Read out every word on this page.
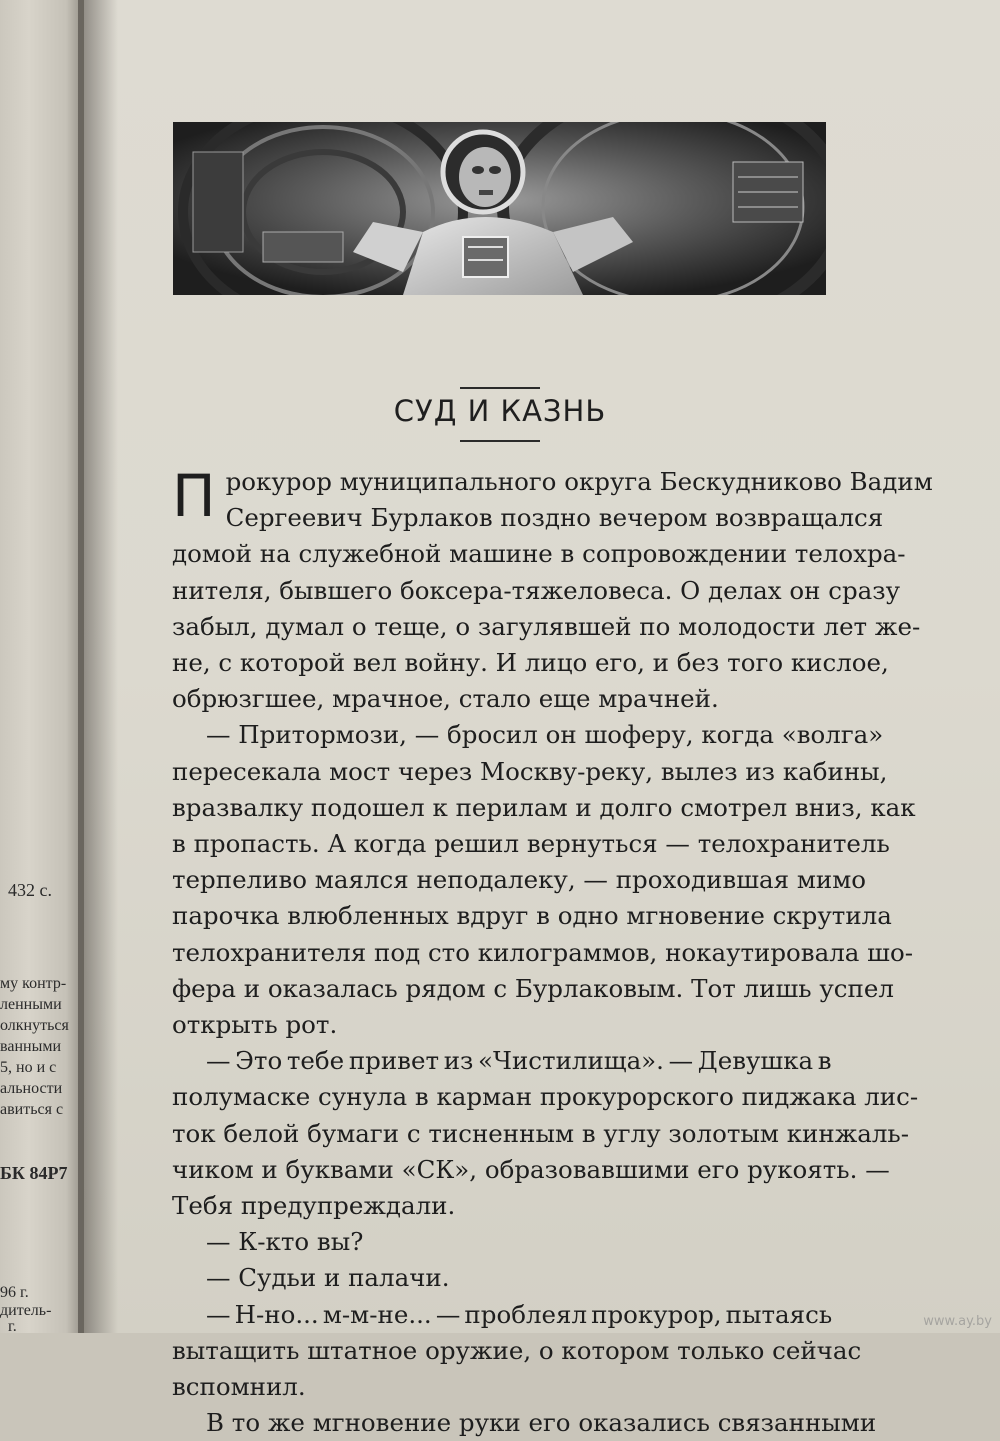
432 с.
му контр-
ленными
олкнуться
ванными
5, но и с
альности
авиться с
БК 84Р7
96 г.
дитель-
г.
СУД И КАЗНЬ
П рокурор муниципального округа Бескудниково Вадим
Сергеевич Бурлаков поздно вечером возвращался
домой на служебной машине в сопровождении телохра-
нителя, бывшего боксера-тяжеловеса. О делах он сразу
забыл, думал о теще, о загулявшей по молодости лет же-
не, с которой вел войну. И лицо его, и без того кислое,
обрюзгшее, мрачное, стало еще мрачней.
— Притормози, — бросил он шоферу, когда «волга»
пересекала мост через Москву-реку, вылез из кабины,
вразвалку подошел к перилам и долго смотрел вниз, как
в пропасть. А когда решил вернуться — телохранитель
терпеливо маялся неподалеку, — проходившая мимо
парочка влюбленных вдруг в одно мгновение скрутила
телохранителя под сто килограммов, нокаутировала шо-
фера и оказалась рядом с Бурлаковым. Тот лишь успел
открыть рот.
— Это тебе привет из «Чистилища». — Девушка в
полумаске сунула в карман прокурорского пиджака лис-
ток белой бумаги с тисненным в углу золотым кинжаль-
чиком и буквами «СК», образовавшими его рукоять. —
Тебя предупреждали.
— К-кто вы?
— Судьи и палачи.
— Н-но... м-м-не... — проблеял прокурор, пытаясь
вытащить штатное оружие, о котором только сейчас
вспомнил.
В то же мгновение руки его оказались связанными
www.ay.by
